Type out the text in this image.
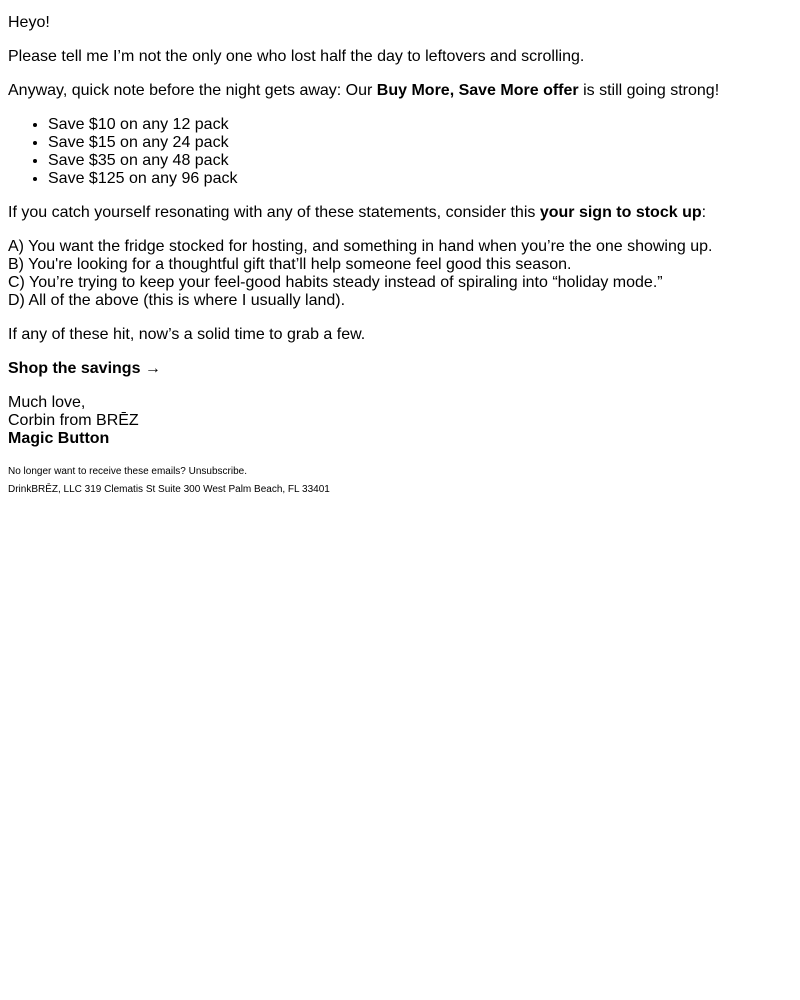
Heyo!

Please tell me I’m not the only one who lost half the day to leftovers and scrolling.

Anyway, quick note before the night gets away: Our Buy More, Save More offer is still going strong!

• Save $10 on any 12 pack
• Save $15 on any 24 pack
• Save $35 on any 48 pack
• Save $125 on any 96 pack

If you catch yourself resonating with any of these statements, consider this your sign to stock up:

A) You want the fridge stocked for hosting, and something in hand when you’re the one showing up.
B) You're looking for a thoughtful gift that’ll help someone feel good this season.
C) You’re trying to keep your feel-good habits steady instead of spiraling into “holiday mode.”
D) All of the above (this is where I usually land).

If any of these hit, now’s a solid time to grab a few.

Shop the savings →

Much love,
Corbin from BRĒZ
Magic Button
No longer want to receive these emails? Unsubscribe.
DrinkBRĒZ, LLC 319 Clematis St Suite 300 West Palm Beach, FL 33401
